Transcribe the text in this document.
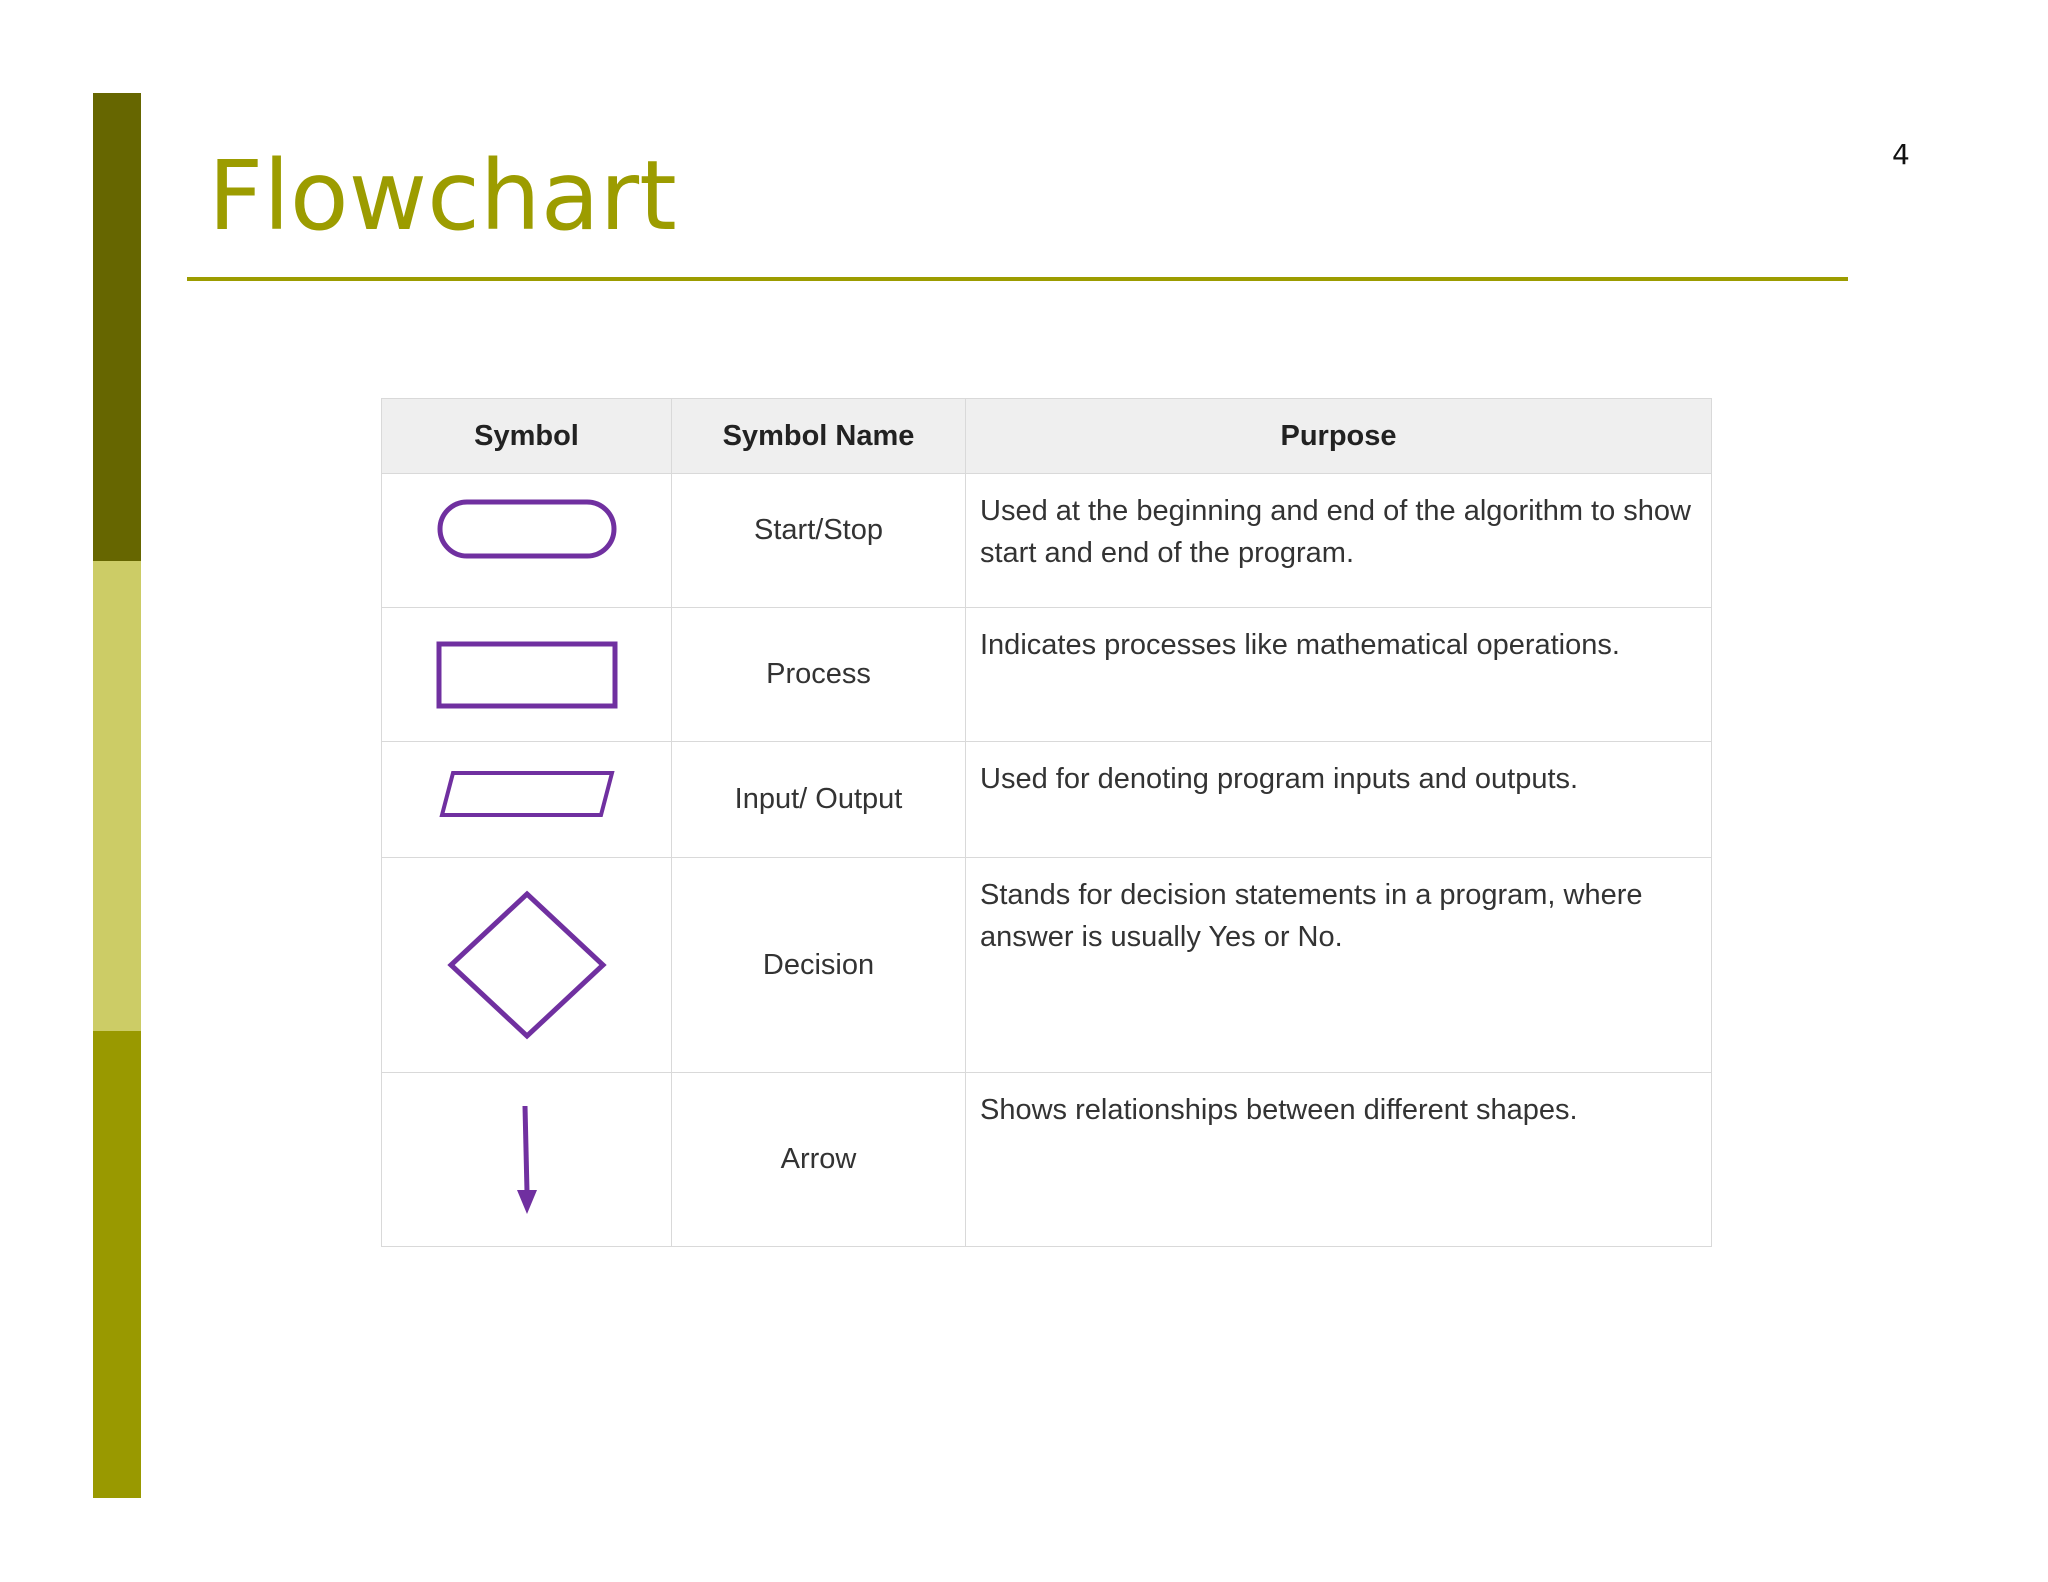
Flowchart	4
Symbol	Symbol Name	Purpose

	Start/Stop	Used at the beginning and end of the algorithm to show start and end of the program.

	Process	Indicates processes like mathematical operations.

	Input/ Output	Used for denoting program inputs and outputs.

	Decision	Stands for decision statements in a program, where answer is usually Yes or No.

	Arrow	Shows relationships between different shapes.
